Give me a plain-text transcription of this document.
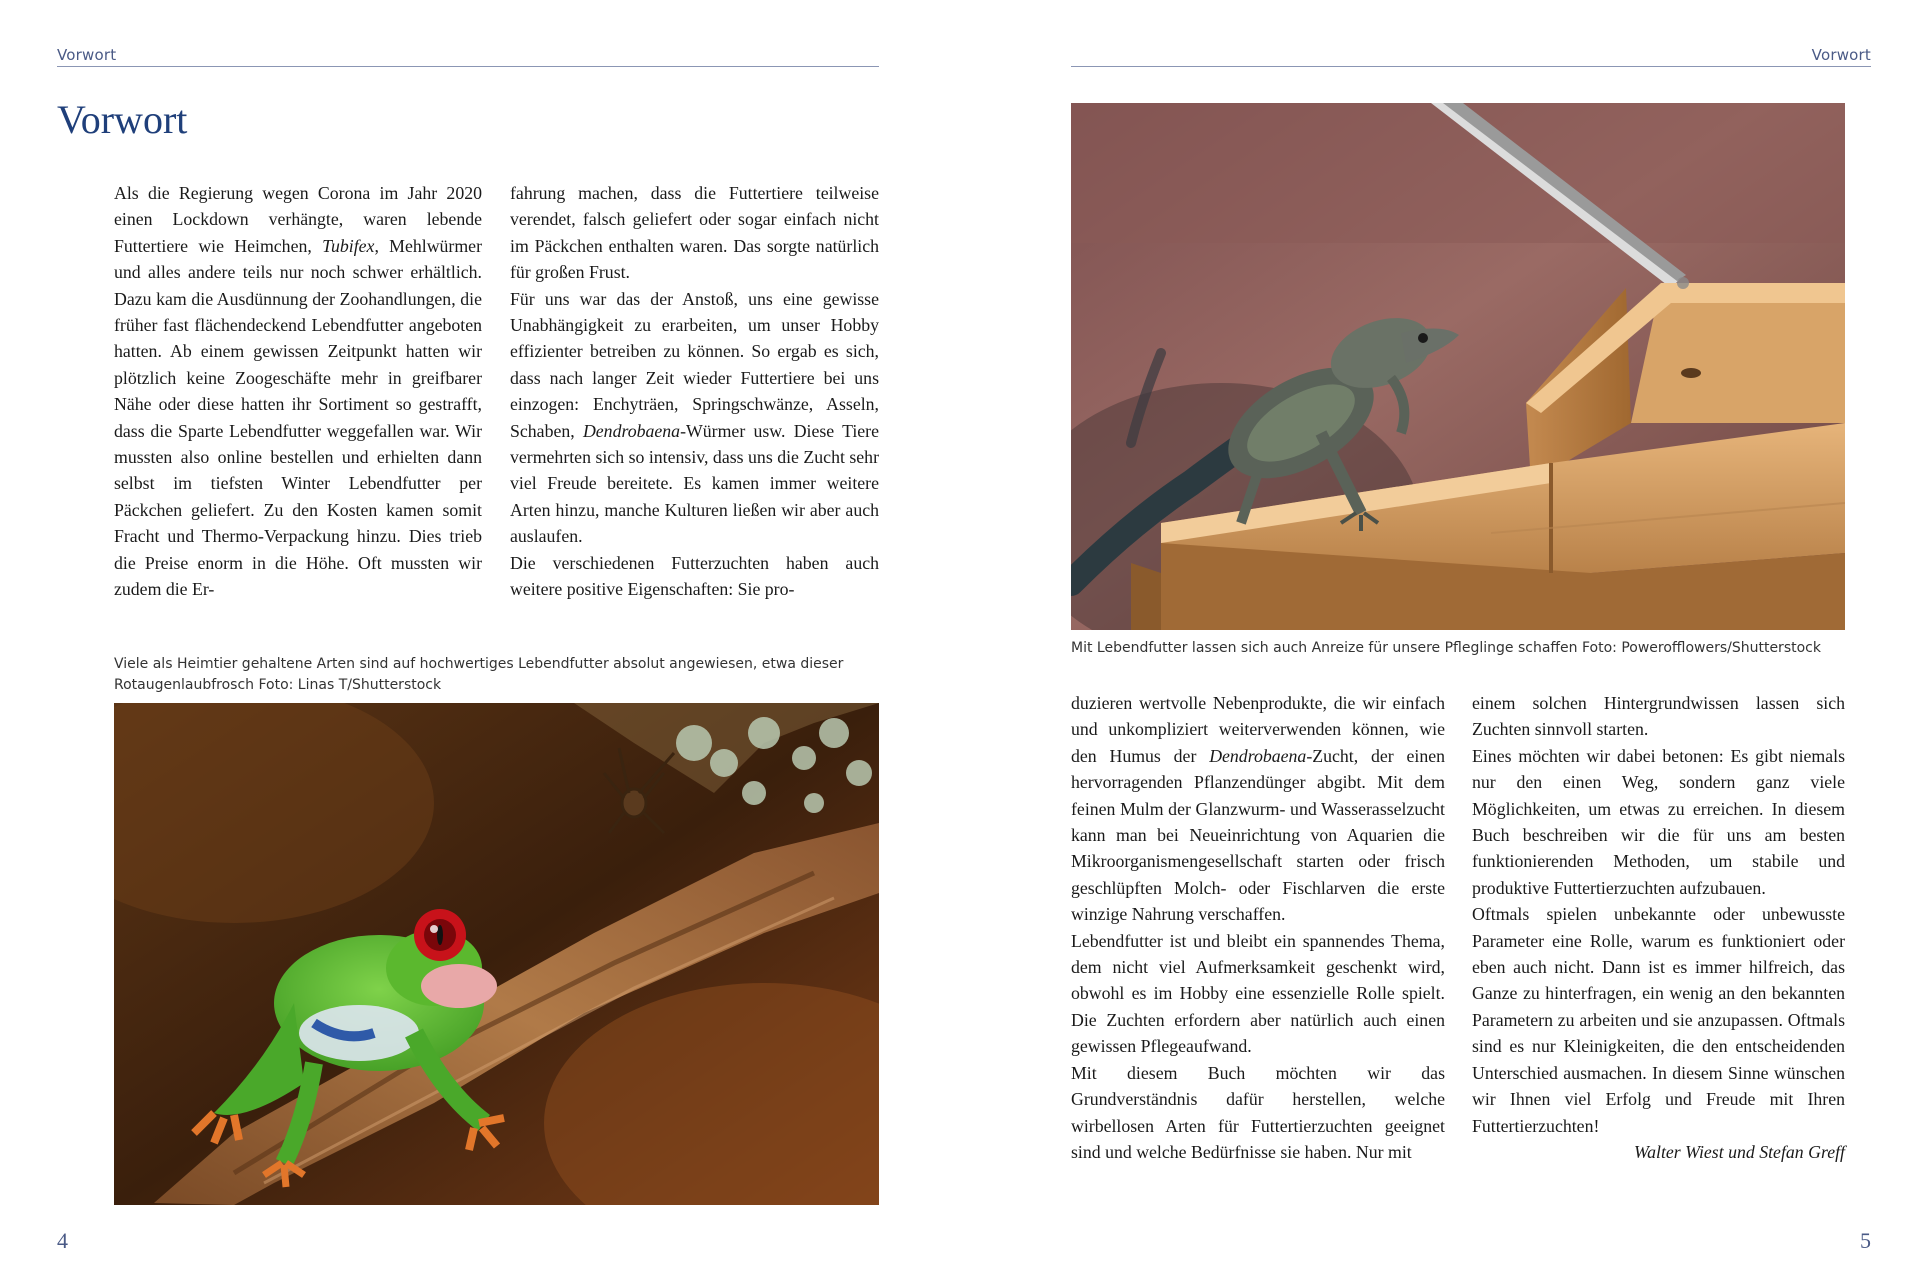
Vorwort
Vorwort

Als die Regierung wegen Corona im Jahr 2020 einen Lockdown verhängte, waren lebende Futtertiere wie Heimchen, Tubifex, Mehlwürmer und alles andere teils nur noch schwer erhältlich. Dazu kam die Ausdünnung der Zoohandlungen, die früher fast flächendeckend Lebendfutter angeboten hatten. Ab einem gewissen Zeitpunkt hatten wir plötzlich keine Zoogeschäfte mehr in greifbarer Nähe oder diese hatten ihr Sortiment so gestrafft, dass die Sparte Lebendfutter weggefallen war. Wir mussten also online bestellen und erhielten dann selbst im tiefsten Winter Lebendfutter per Päckchen geliefert. Zu den Kosten kamen somit Fracht und Thermo-Verpackung hinzu. Dies trieb die Preise enorm in die Höhe. Oft mussten wir zudem die Er-

fahrung machen, dass die Futtertiere teilweise verendet, falsch geliefert oder sogar einfach nicht im Päckchen enthalten waren. Das sorgte natürlich für großen Frust.

Für uns war das der Anstoß, uns eine gewisse Unabhängigkeit zu erarbeiten, um unser Hobby effizienter betreiben zu können. So ergab es sich, dass nach langer Zeit wieder Futtertiere bei uns einzogen: Enchyträen, Springschwänze, Asseln, Schaben, Dendrobaena-Würmer usw. Diese Tiere vermehrten sich so intensiv, dass uns die Zucht sehr viel Freude bereitete. Es kamen immer weitere Arten hinzu, manche Kulturen ließen wir aber auch auslaufen.

Die verschiedenen Futterzuchten haben auch weitere positive Eigenschaften: Sie pro-

Viele als Heimtier gehaltene Arten sind auf hochwertiges Lebendfutter absolut angewiesen, etwa dieser Rotaugenlaubfrosch Foto: Linas T/Shutterstock
4
Vorwort
Mit Lebendfutter lassen sich auch Anreize für unsere Pfleglinge schaffen Foto: Powerofflowers/Shutterstock

duzieren wertvolle Nebenprodukte, die wir einfach und unkompliziert weiterverwenden können, wie den Humus der Dendrobaena-Zucht, der einen hervorragenden Pflanzendünger abgibt. Mit dem feinen Mulm der Glanzwurm- und Wasserasselzucht kann man bei Neueinrichtung von Aquarien die Mikroorganismengesellschaft starten oder frisch geschlüpften Molch- oder Fischlarven die erste winzige Nahrung verschaffen.

Lebendfutter ist und bleibt ein spannendes Thema, dem nicht viel Aufmerksamkeit geschenkt wird, obwohl es im Hobby eine essenzielle Rolle spielt. Die Zuchten erfordern aber natürlich auch einen gewissen Pflegeaufwand.

Mit diesem Buch möchten wir das Grundverständnis dafür herstellen, welche wirbellosen Arten für Futtertierzuchten geeignet sind und welche Bedürfnisse sie haben. Nur mit

einem solchen Hintergrundwissen lassen sich Zuchten sinnvoll starten.

Eines möchten wir dabei betonen: Es gibt niemals nur den einen Weg, sondern ganz viele Möglichkeiten, um etwas zu erreichen. In diesem Buch beschreiben wir die für uns am besten funktionierenden Methoden, um stabile und produktive Futtertierzuchten aufzubauen.

Oftmals spielen unbekannte oder unbewusste Parameter eine Rolle, warum es funktioniert oder eben auch nicht. Dann ist es immer hilfreich, das Ganze zu hinterfragen, ein wenig an den bekannten Parametern zu arbeiten und sie anzupassen. Oftmals sind es nur Kleinigkeiten, die den entscheidenden Unterschied ausmachen. In diesem Sinne wünschen wir Ihnen viel Erfolg und Freude mit Ihren Futtertierzuchten!

Walter Wiest und Stefan Greff

5
